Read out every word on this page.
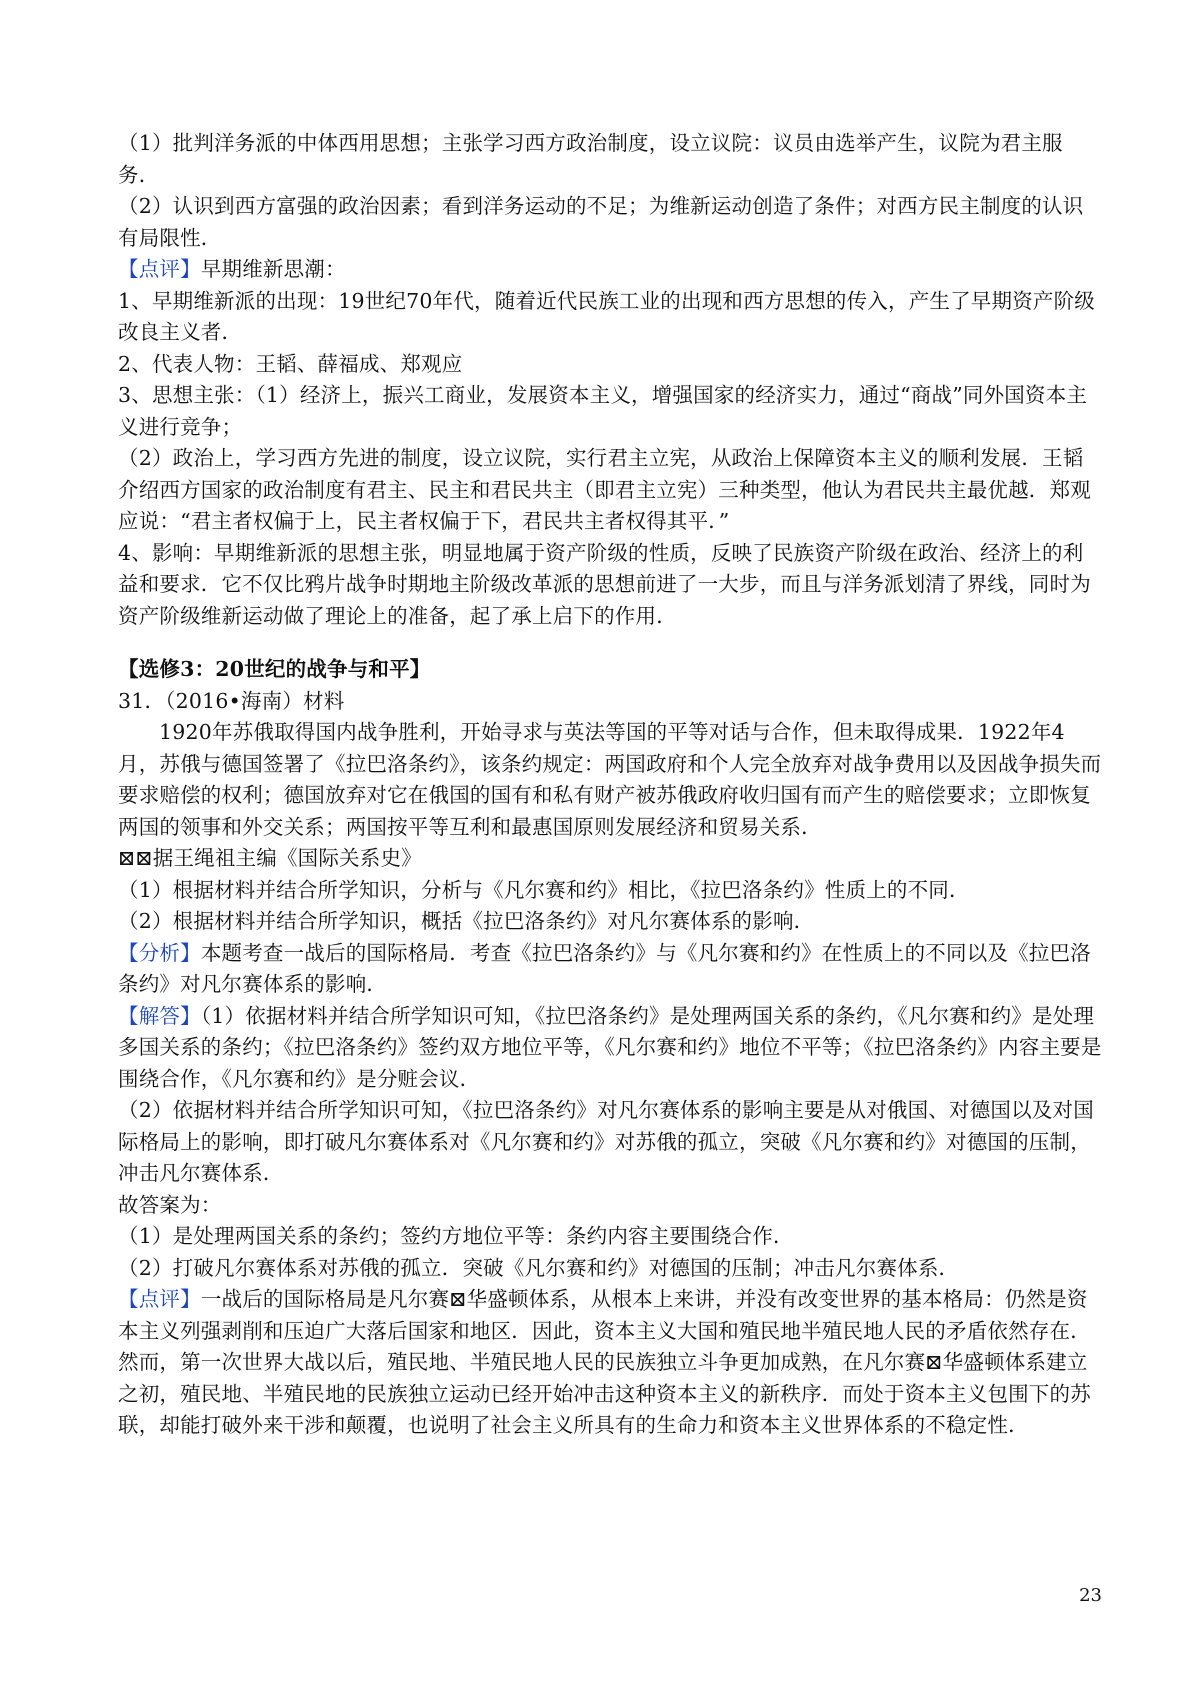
（1）批判洋务派的中体西用思想；主张学习西方政治制度，设立议院：议员由选举产生，议院为君主服务．

（2）认识到西方富强的政治因素；看到洋务运动的不足；为维新运动创造了条件；对西方民主制度的认识有局限性．

【点评】早期维新思潮：

1、早期维新派的出现：19世纪70年代，随着近代民族工业的出现和西方思想的传入，产生了早期资产阶级改良主义者．

2、代表人物：王韬、薛福成、郑观应

3、思想主张：（1）经济上，振兴工商业，发展资本主义，增强国家的经济实力，通过“商战”同外国资本主义进行竞争；

（2）政治上，学习西方先进的制度，设立议院，实行君主立宪，从政治上保障资本主义的顺利发展．王韬介绍西方国家的政治制度有君主、民主和君民共主（即君主立宪）三种类型，他认为君民共主最优越．郑观应说：“君主者权偏于上，民主者权偏于下，君民共主者权得其平．”

4、影响：早期维新派的思想主张，明显地属于资产阶级的性质，反映了民族资产阶级在政治、经济上的利益和要求．它不仅比鸦片战争时期地主阶级改革派的思想前进了一大步，而且与洋务派划清了界线，同时为资产阶级维新运动做了理论上的准备，起了承上启下的作用．

【选修3：20世纪的战争与和平】

31．（2016•海南）材料

1920年苏俄取得国内战争胜利，开始寻求与英法等国的平等对话与合作，但未取得成果．1922年4月，苏俄与德国签署了《拉巴洛条约》，该条约规定：两国政府和个人完全放弃对战争费用以及因战争损失而要求赔偿的权利；德国放弃对它在俄国的国有和私有财产被苏俄政府收归国有而产生的赔偿要求；立即恢复两国的领事和外交关系；两国按平等互利和最惠国原则发展经济和贸易关系．

⊠⊠据王绳祖主编《国际关系史》

（1）根据材料并结合所学知识，分析与《凡尔赛和约》相比，《拉巴洛条约》性质上的不同．

（2）根据材料并结合所学知识，概括《拉巴洛条约》对凡尔赛体系的影响．

【分析】本题考查一战后的国际格局．考查《拉巴洛条约》与《凡尔赛和约》在性质上的不同以及《拉巴洛条约》对凡尔赛体系的影响．

【解答】（1）依据材料并结合所学知识可知，《拉巴洛条约》是处理两国关系的条约，《凡尔赛和约》是处理多国关系的条约；《拉巴洛条约》签约双方地位平等，《凡尔赛和约》地位不平等；《拉巴洛条约》内容主要是围绕合作，《凡尔赛和约》是分赃会议．

（2）依据材料并结合所学知识可知，《拉巴洛条约》对凡尔赛体系的影响主要是从对俄国、对德国以及对国际格局上的影响，即打破凡尔赛体系对《凡尔赛和约》对苏俄的孤立，突破《凡尔赛和约》对德国的压制，冲击凡尔赛体系．

故答案为：

（1）是处理两国关系的条约；签约方地位平等：条约内容主要围绕合作．

（2）打破凡尔赛体系对苏俄的孤立．突破《凡尔赛和约》对德国的压制；冲击凡尔赛体系．

【点评】一战后的国际格局是凡尔赛⊠华盛顿体系，从根本上来讲，并没有改变世界的基本格局：仍然是资本主义列强剥削和压迫广大落后国家和地区．因此，资本主义大国和殖民地半殖民地人民的矛盾依然存在．然而，第一次世界大战以后，殖民地、半殖民地人民的民族独立斗争更加成熟，在凡尔赛⊠华盛顿体系建立之初，殖民地、半殖民地的民族独立运动已经开始冲击这种资本主义的新秩序．而处于资本主义包围下的苏联，却能打破外来干涉和颠覆，也说明了社会主义所具有的生命力和资本主义世界体系的不稳定性．

23
